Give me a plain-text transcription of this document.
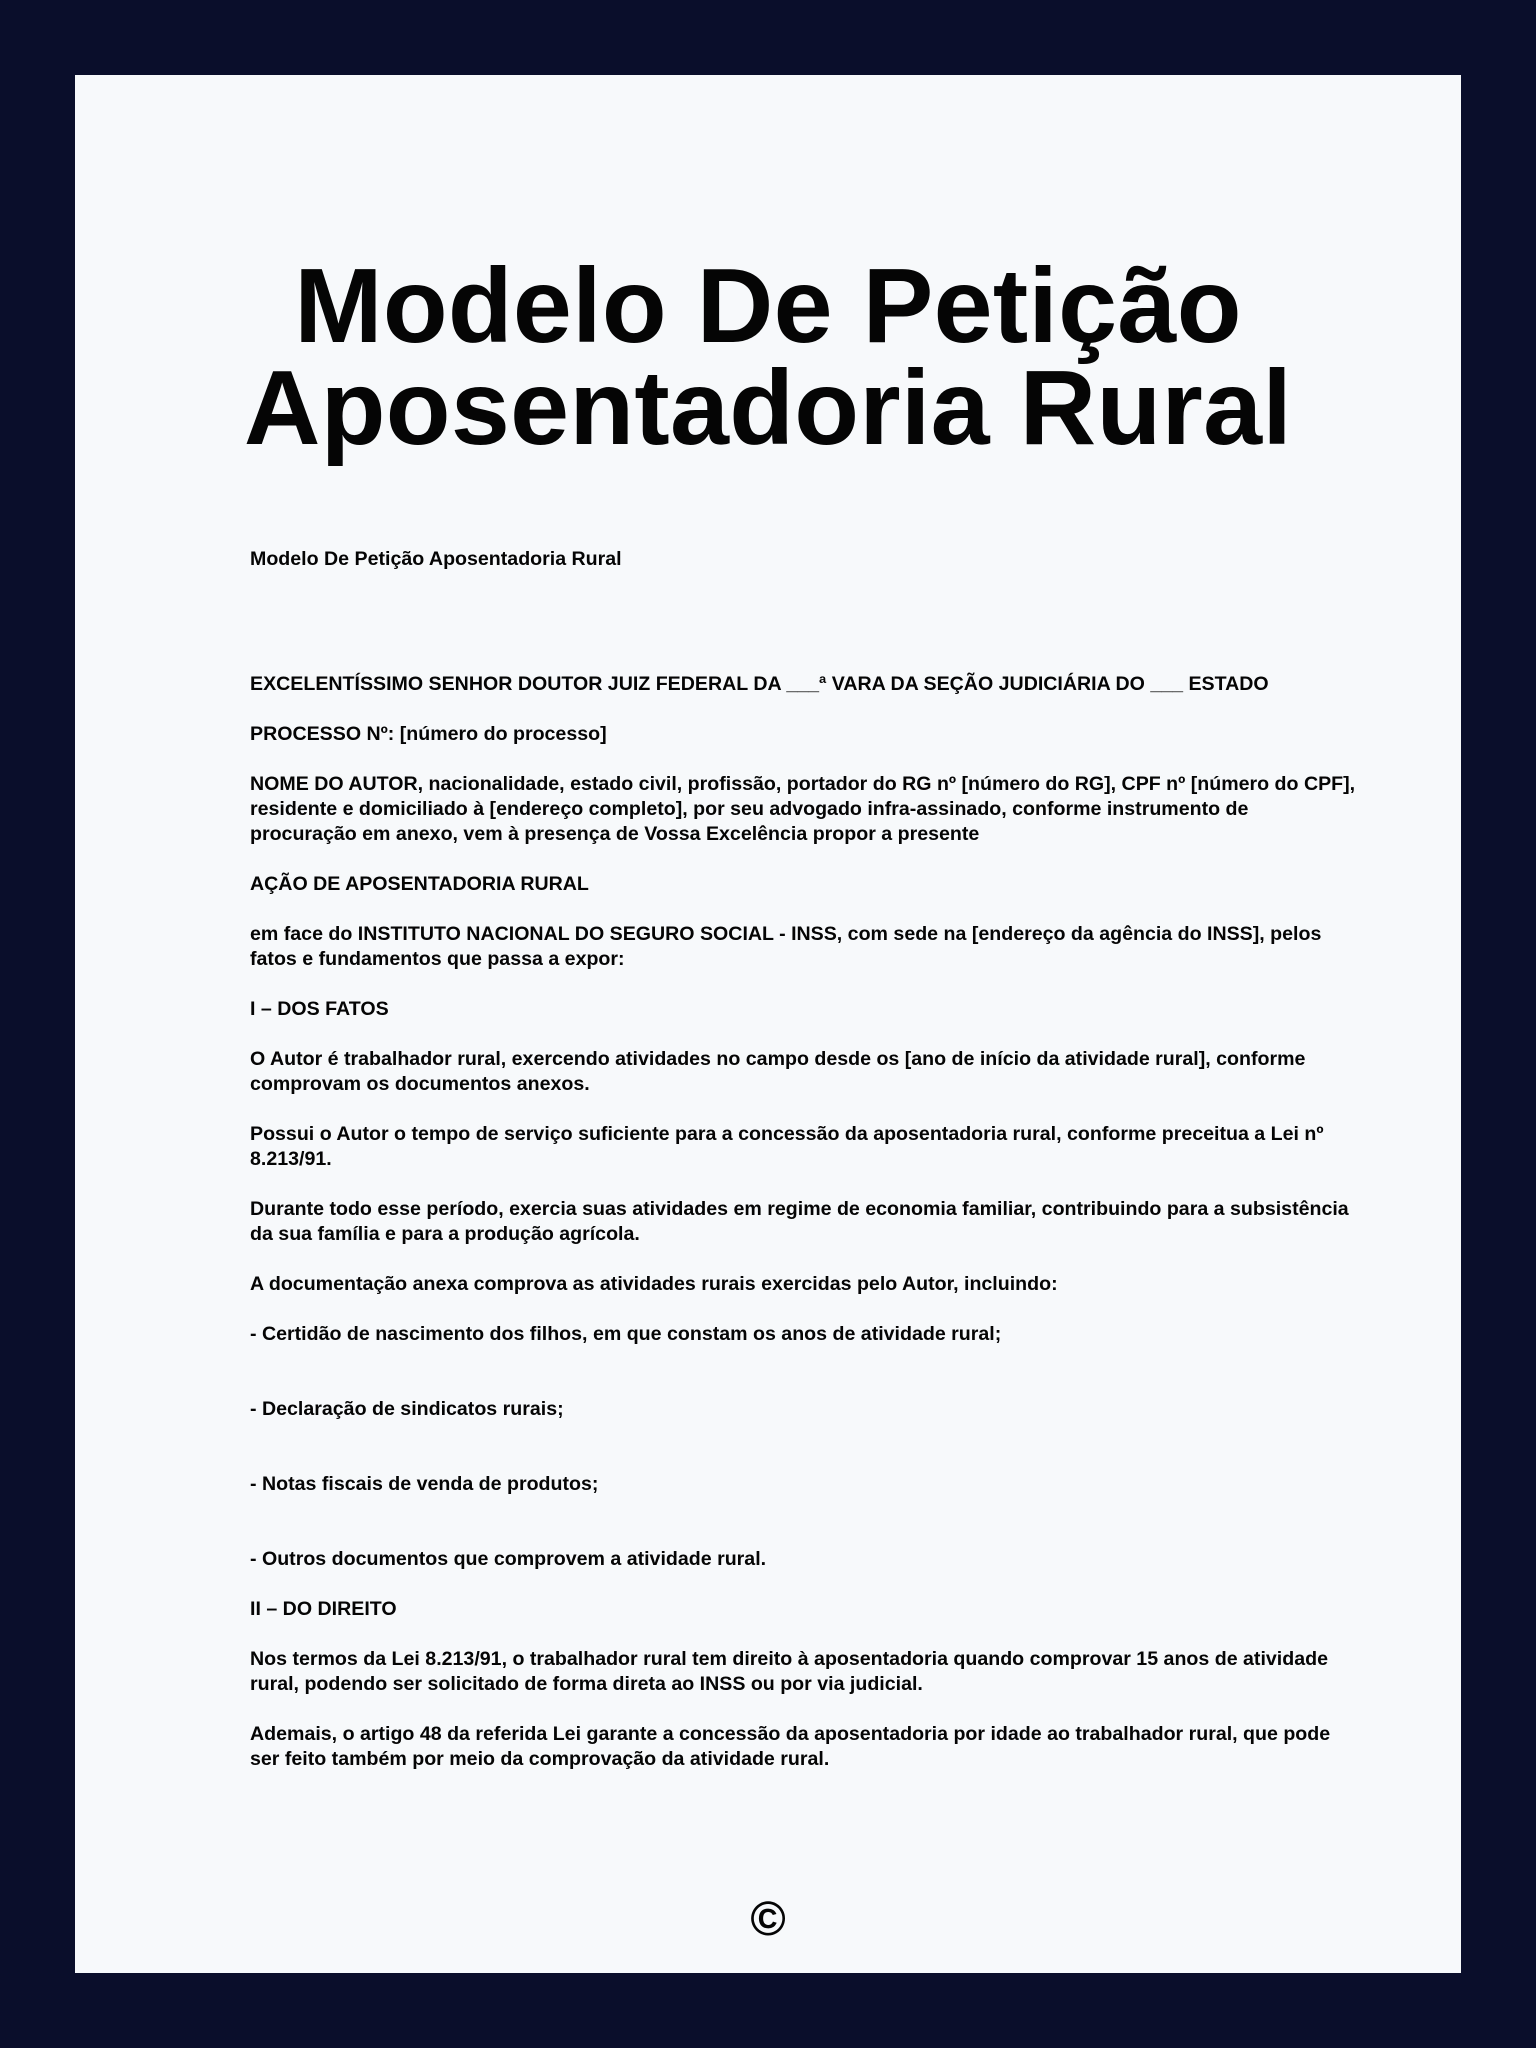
Modelo De Petição Aposentadoria Rural

Modelo De Petição Aposentadoria Rural

EXCELENTÍSSIMO SENHOR DOUTOR JUIZ FEDERAL DA ___ª VARA DA SEÇÃO JUDICIÁRIA DO ___ ESTADO

PROCESSO Nº: [número do processo]

NOME DO AUTOR, nacionalidade, estado civil, profissão, portador do RG nº [número do RG], CPF nº [número do CPF], residente e domiciliado à [endereço completo], por seu advogado infra-assinado, conforme instrumento de procuração em anexo, vem à presença de Vossa Excelência propor a presente

AÇÃO DE APOSENTADORIA RURAL

em face do INSTITUTO NACIONAL DO SEGURO SOCIAL - INSS, com sede na [endereço da agência do INSS], pelos fatos e fundamentos que passa a expor:

I – DOS FATOS

O Autor é trabalhador rural, exercendo atividades no campo desde os [ano de início da atividade rural], conforme comprovam os documentos anexos.

Possui o Autor o tempo de serviço suficiente para a concessão da aposentadoria rural, conforme preceitua a Lei nº 8.213/91.

Durante todo esse período, exercia suas atividades em regime de economia familiar, contribuindo para a subsistência da sua família e para a produção agrícola.

A documentação anexa comprova as atividades rurais exercidas pelo Autor, incluindo:

- Certidão de nascimento dos filhos, em que constam os anos de atividade rural;

- Declaração de sindicatos rurais;

- Notas fiscais de venda de produtos;

- Outros documentos que comprovem a atividade rural.

II – DO DIREITO

Nos termos da Lei 8.213/91, o trabalhador rural tem direito à aposentadoria quando comprovar 15 anos de atividade rural, podendo ser solicitado de forma direta ao INSS ou por via judicial.

Ademais, o artigo 48 da referida Lei garante a concessão da aposentadoria por idade ao trabalhador rural, que pode ser feito também por meio da comprovação da atividade rural.

©
